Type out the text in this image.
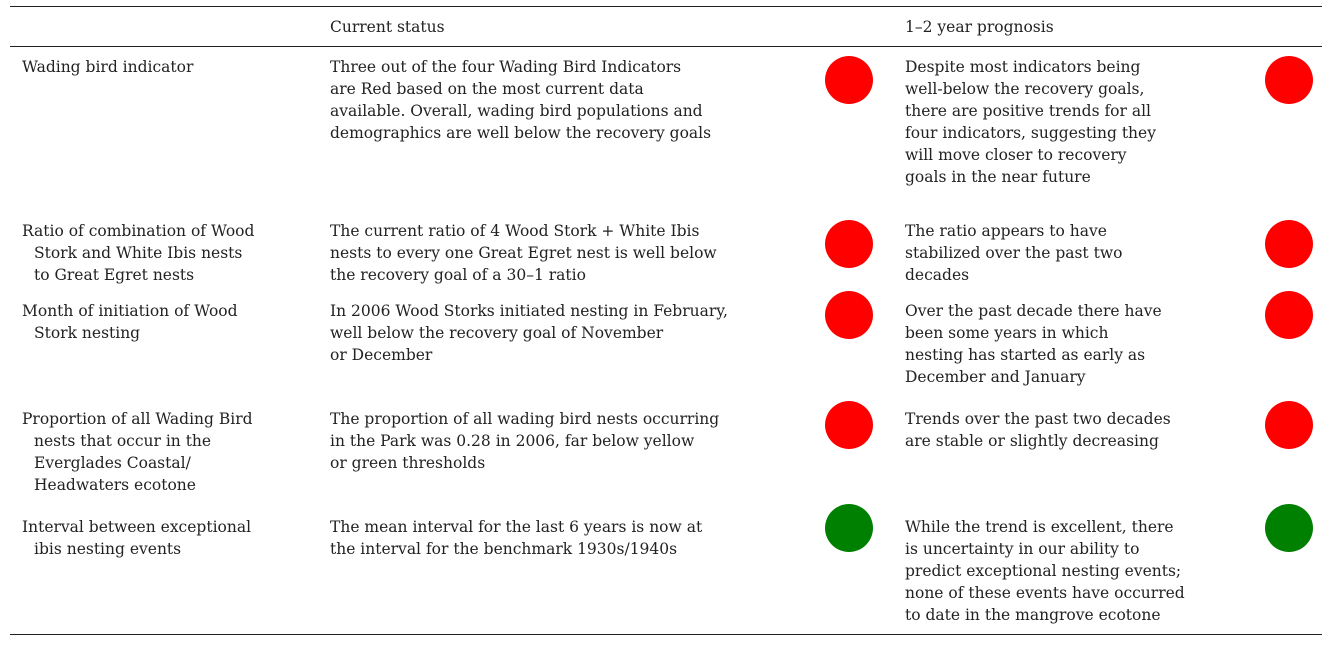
Current status	1–2 year prognosis
Wading bird indicator	Three out of the four Wading Bird Indicators
are Red based on the most current data
available. Overall, wading bird populations and
demographics are well below the recovery goals
Despite most indicators being
well-below the recovery goals,
there are positive trends for all
four indicators, suggesting they
will move closer to recovery
goals in the near future
Ratio of combination of Wood
Stork and White Ibis nests
to Great Egret nests
The current ratio of 4 Wood Stork + White Ibis
nests to every one Great Egret nest is well below
the recovery goal of a 30–1 ratio
The ratio appears to have
stabilized over the past two
decades
Month of initiation of Wood
Stork nesting
In 2006 Wood Storks initiated nesting in February,
well below the recovery goal of November
or December
Over the past decade there have
been some years in which
nesting has started as early as
December and January
Proportion of all Wading Bird
nests that occur in the
Everglades Coastal/
Headwaters ecotone
The proportion of all wading bird nests occurring
in the Park was 0.28 in 2006, far below yellow
or green thresholds
Trends over the past two decades
are stable or slightly decreasing
Interval between exceptional
ibis nesting events
The mean interval for the last 6 years is now at
the interval for the benchmark 1930s/1940s
While the trend is excellent, there
is uncertainty in our ability to
predict exceptional nesting events;
none of these events have occurred
to date in the mangrove ecotone
